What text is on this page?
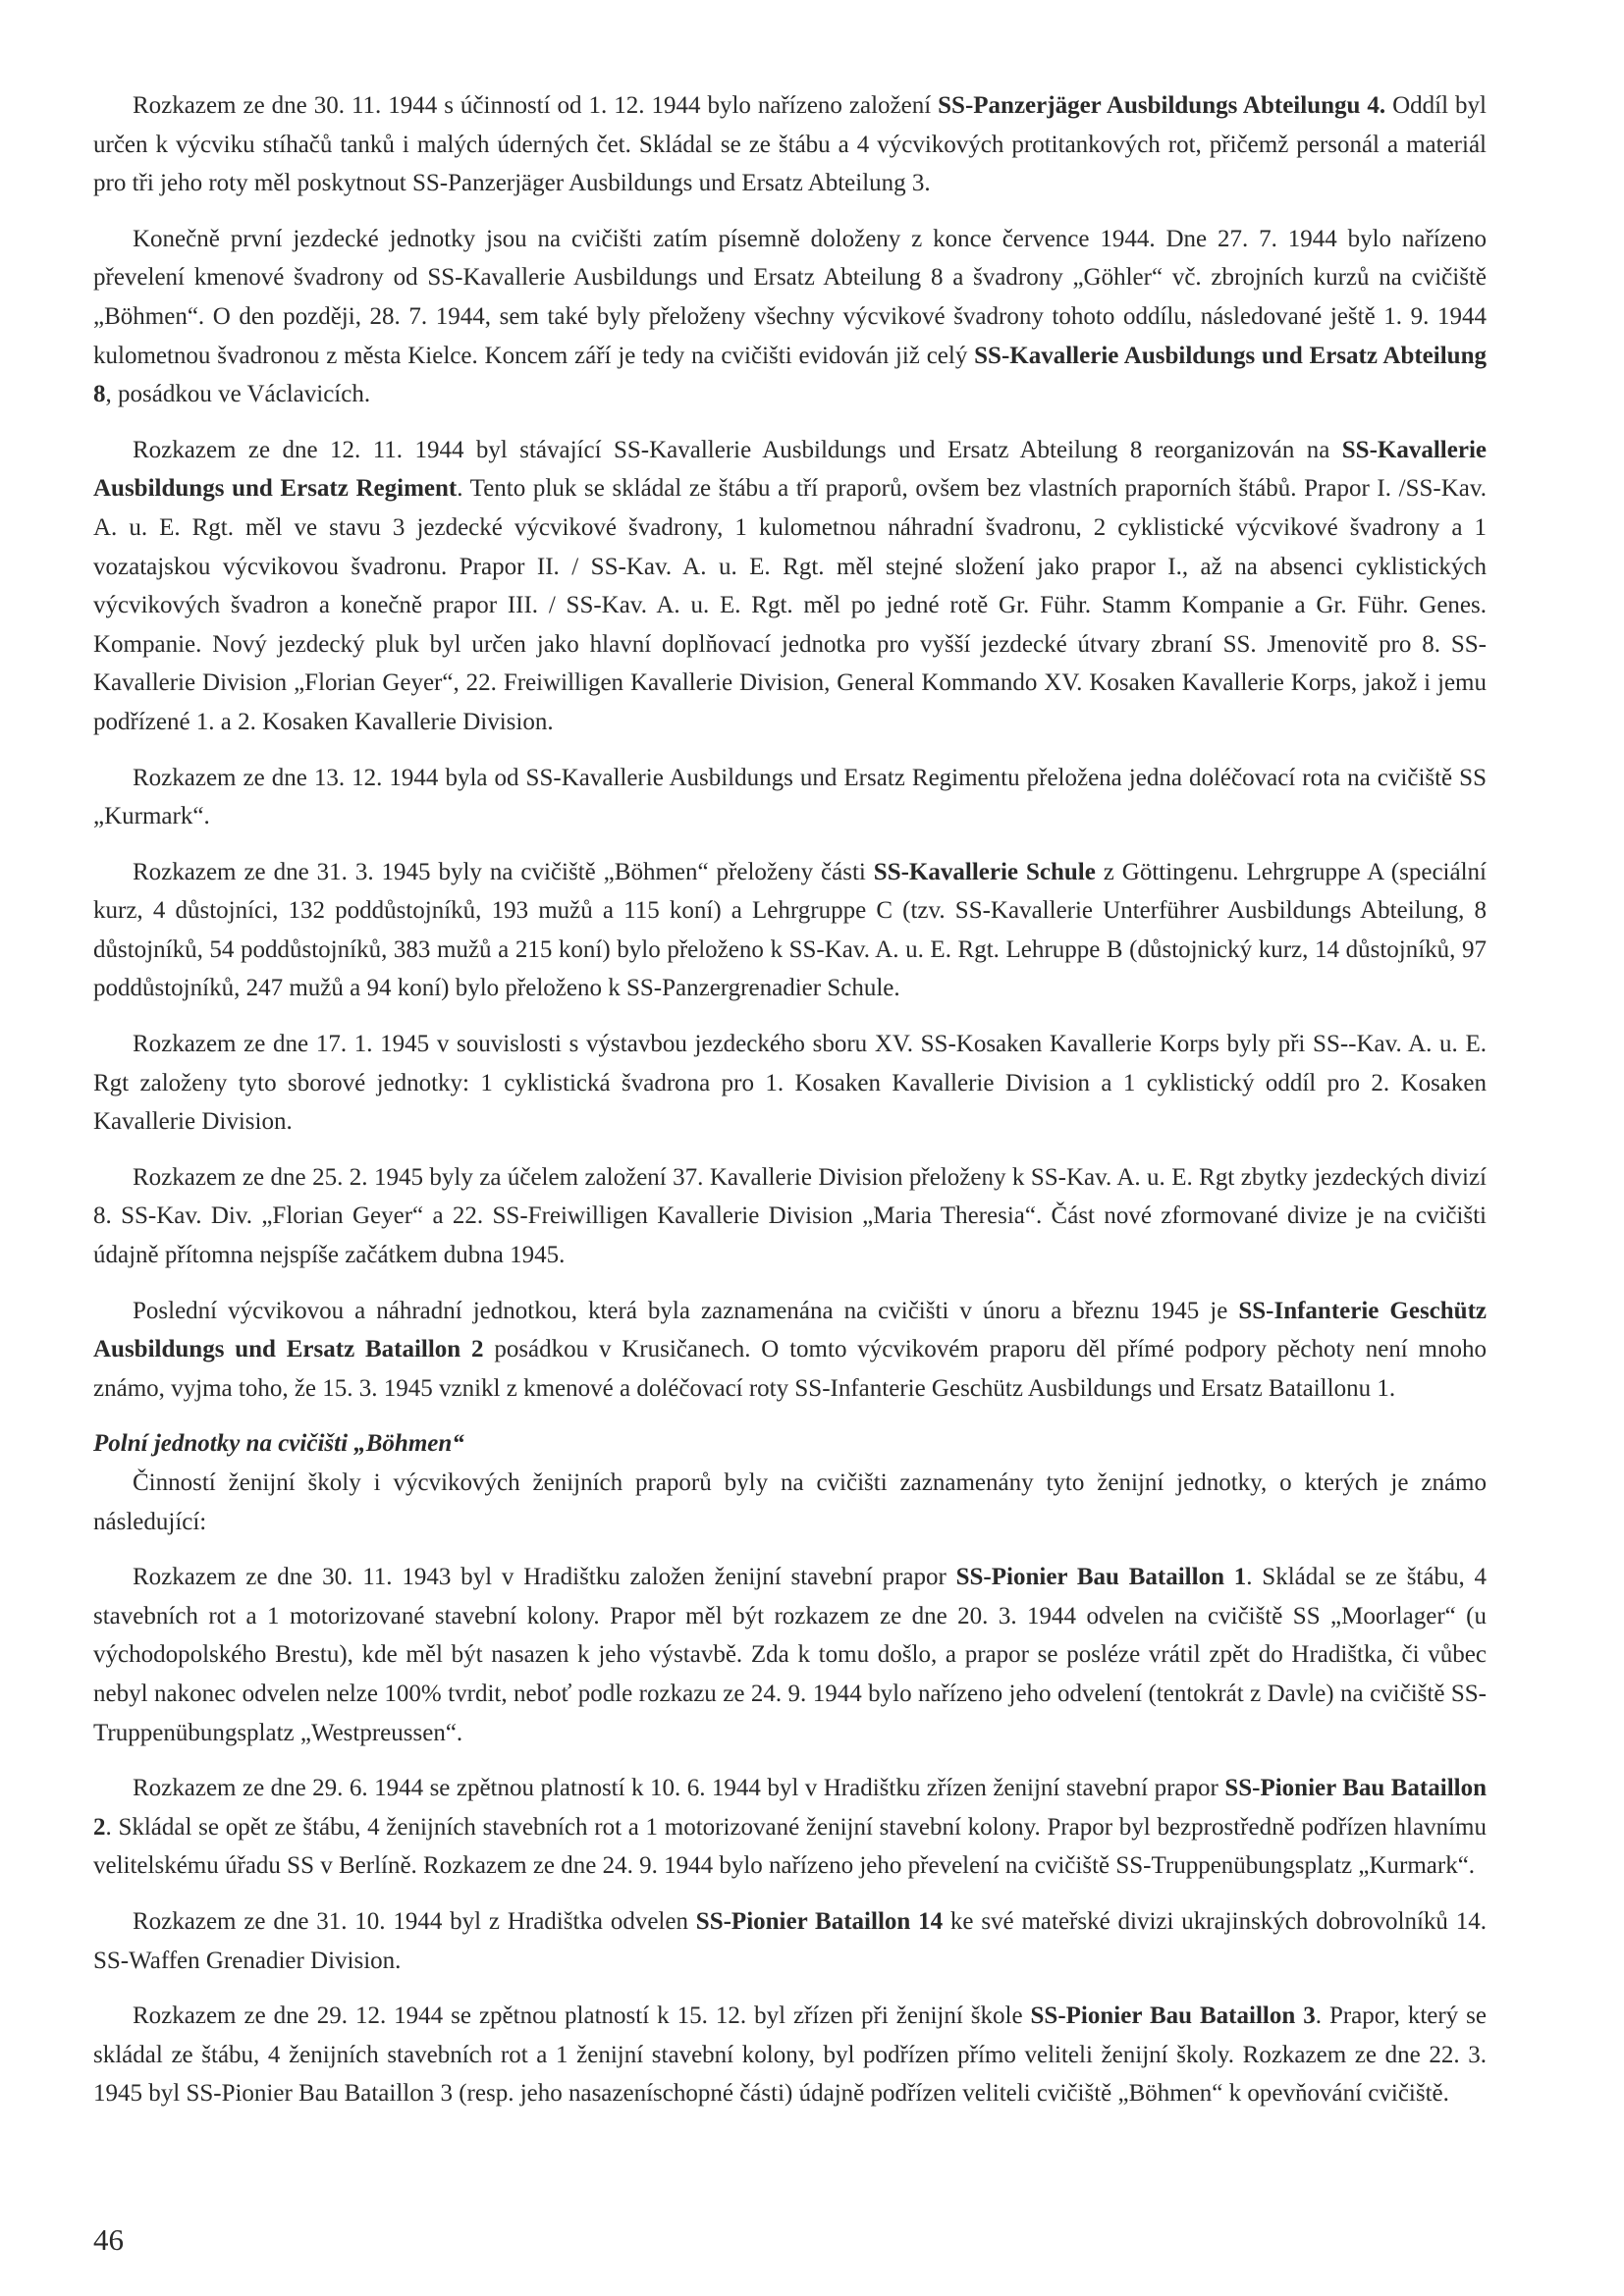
Rozkazem ze dne 30. 11. 1944 s účinností od 1. 12. 1944 bylo nařízeno založení SS-Panzerjäger Ausbildungs Abteilungu 4. Oddíl byl určen k výcviku stíhačů tanků i malých úderných čet. Skládal se ze štábu a 4 výcvikových protitankových rot, přičemž personál a materiál pro tři jeho roty měl poskytnout SS-Panzerjäger Ausbildungs und Ersatz Abteilung 3.

Konečně první jezdecké jednotky jsou na cvičišti zatím písemně doloženy z konce července 1944. Dne 27. 7. 1944 bylo nařízeno převelení kmenové švadrony od SS-Kavallerie Ausbildungs und Ersatz Abteilung 8 a švadrony „Göhler“ vč. zbrojních kurzů na cvičiště „Böhmen“. O den později, 28. 7. 1944, sem také byly přeloženy všechny výcvikové švadrony tohoto oddílu, následované ještě 1. 9. 1944 kulometnou švadronou z města Kielce. Koncem září je tedy na cvičišti evidován již celý SS-Kavallerie Ausbildungs und Ersatz Abteilung 8, posádkou ve Václavicích.

Rozkazem ze dne 12. 11. 1944 byl stávající SS-Kavallerie Ausbildungs und Ersatz Abteilung 8 reorganizován na SS-Kavallerie Ausbildungs und Ersatz Regiment. Tento pluk se skládal ze štábu a tří praporů, ovšem bez vlastních praporních štábů. Prapor I. /SS-Kav. A. u. E. Rgt. měl ve stavu 3 jezdecké výcvikové švadrony, 1 kulometnou náhradní švadronu, 2 cyklistické výcvikové švadrony a 1 vozatajskou výcvikovou švadronu. Prapor II. / SS-Kav. A. u. E. Rgt. měl stejné složení jako prapor I., až na absenci cyklistických výcvikových švadron a konečně prapor III. / SS-Kav. A. u. E. Rgt. měl po jedné rotě Gr. Führ. Stamm Kompanie a Gr. Führ. Genes. Kompanie. Nový jezdecký pluk byl určen jako hlavní doplňovací jednotka pro vyšší jezdecké útvary zbraní SS. Jmenovitě pro 8. SS-Kavallerie Division „Florian Geyer“, 22. Freiwilligen Kavallerie Division, General Kommando XV. Kosaken Kavallerie Korps, jakož i jemu podřízené 1. a 2. Kosaken Kavallerie Division.

Rozkazem ze dne 13. 12. 1944 byla od SS-Kavallerie Ausbildungs und Ersatz Regimentu přeložena jedna doléčovací rota na cvičiště SS „Kurmark“.

Rozkazem ze dne 31. 3. 1945 byly na cvičiště „Böhmen“ přeloženy části SS-Kavallerie Schule z Göttingenu. Lehrgruppe A (speciální kurz, 4 důstojníci, 132 poddůstojníků, 193 mužů a 115 koní) a Lehrgruppe C (tzv. SS-Kavallerie Unterführer Ausbildungs Abteilung, 8 důstojníků, 54 poddůstojníků, 383 mužů a 215 koní) bylo přeloženo k SS-Kav. A. u. E. Rgt. Lehruppe B (důstojnický kurz, 14 důstojníků, 97 poddůstojníků, 247 mužů a 94 koní) bylo přeloženo k SS-Panzergrenadier Schule.

Rozkazem ze dne 17. 1. 1945 v souvislosti s výstavbou jezdeckého sboru XV. SS-Kosaken Kavallerie Korps byly při SS--Kav. A. u. E. Rgt založeny tyto sborové jednotky: 1 cyklistická švadrona pro 1. Kosaken Kavallerie Division a 1 cyklistický oddíl pro 2. Kosaken Kavallerie Division.

Rozkazem ze dne 25. 2. 1945 byly za účelem založení 37. Kavallerie Division přeloženy k SS-Kav. A. u. E. Rgt zbytky jezdeckých divizí 8. SS-Kav. Div. „Florian Geyer“ a 22. SS-Freiwilligen Kavallerie Division „Maria Theresia“. Část nové zformované divize je na cvičišti údajně přítomna nejspíše začátkem dubna 1945.

Poslední výcvikovou a náhradní jednotkou, která byla zaznamenána na cvičišti v únoru a březnu 1945 je SS-Infanterie Geschütz Ausbildungs und Ersatz Bataillon 2 posádkou v Krusičanech. O tomto výcvikovém praporu děl přímé podpory pěchoty není mnoho známo, vyjma toho, že 15. 3. 1945 vznikl z kmenové a doléčovací roty SS-Infanterie Geschütz Ausbildungs und Ersatz Bataillonu 1.

Polní jednotky na cvičišti „Böhmen“

Činností ženijní školy i výcvikových ženijních praporů byly na cvičišti zaznamenány tyto ženijní jednotky, o kterých je známo následující:

Rozkazem ze dne 30. 11. 1943 byl v Hradištku založen ženijní stavební prapor SS-Pionier Bau Bataillon 1. Skládal se ze štábu, 4 stavebních rot a 1 motorizované stavební kolony. Prapor měl být rozkazem ze dne 20. 3. 1944 odvelen na cvičiště SS „Moorlager“ (u východopolského Brestu), kde měl být nasazen k jeho výstavbě. Zda k tomu došlo, a prapor se posléze vrátil zpět do Hradištka, či vůbec nebyl nakonec odvelen nelze 100% tvrdit, neboť podle rozkazu ze 24. 9. 1944 bylo nařízeno jeho odvelení (tentokrát z Davle) na cvičiště SS-Truppenübungsplatz „Westpreussen“.

Rozkazem ze dne 29. 6. 1944 se zpětnou platností k 10. 6. 1944 byl v Hradištku zřízen ženijní stavební prapor SS-Pionier Bau Bataillon 2. Skládal se opět ze štábu, 4 ženijních stavebních rot a 1 motorizované ženijní stavební kolony. Prapor byl bezprostředně podřízen hlavnímu velitelskému úřadu SS v Berlíně. Rozkazem ze dne 24. 9. 1944 bylo nařízeno jeho převelení na cvičiště SS-Truppenübungsplatz „Kurmark“.

Rozkazem ze dne 31. 10. 1944 byl z Hradištka odvelen SS-Pionier Bataillon 14 ke své mateřské divizi ukrajinských dobrovolníků 14. SS-Waffen Grenadier Division.

Rozkazem ze dne 29. 12. 1944 se zpětnou platností k 15. 12. byl zřízen při ženijní škole SS-Pionier Bau Bataillon 3. Prapor, který se skládal ze štábu, 4 ženijních stavebních rot a 1 ženijní stavební kolony, byl podřízen přímo veliteli ženijní školy. Rozkazem ze dne 22. 3. 1945 byl SS-Pionier Bau Bataillon 3 (resp. jeho nasazeníschopné části) údajně podřízen veliteli cvičiště „Böhmen“ k opevňování cvičiště.

46
